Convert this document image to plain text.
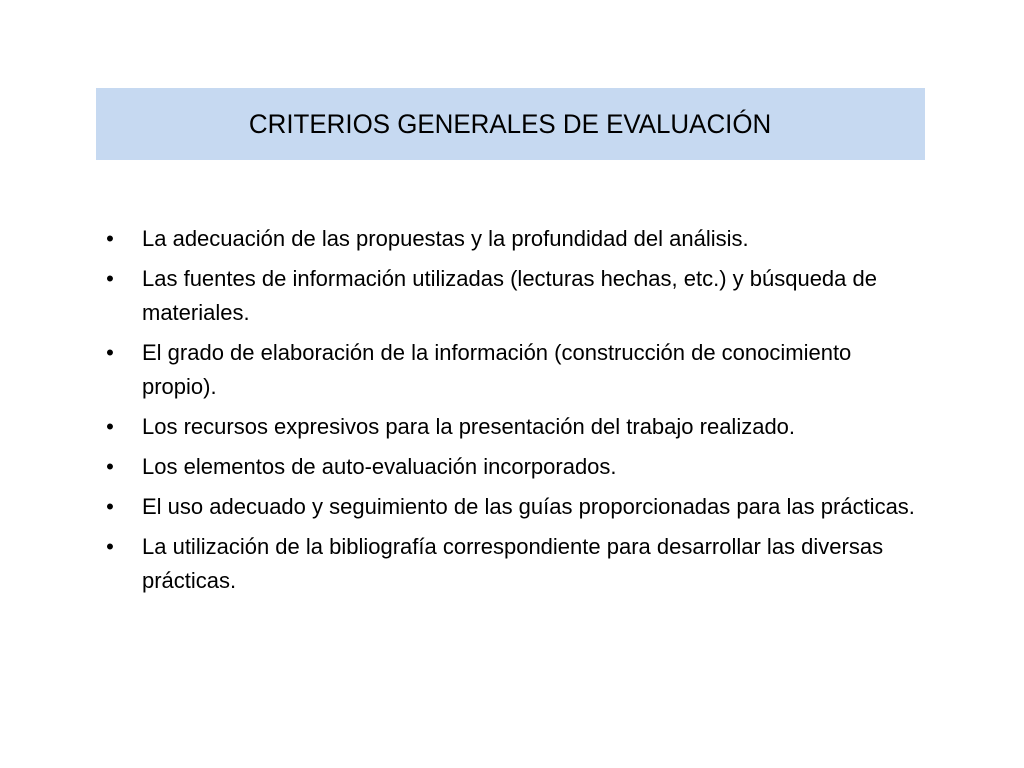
CRITERIOS GENERALES DE EVALUACIÓN
• La adecuación de las propuestas y la profundidad del análisis.
• Las fuentes de información utilizadas (lecturas hechas, etc.) y búsqueda de materiales.
• El grado de elaboración de la información (construcción de conocimiento propio).
• Los recursos expresivos para la presentación del trabajo realizado.
• Los elementos de auto-evaluación incorporados.
• El uso adecuado y seguimiento de las guías proporcionadas para las prácticas.
• La utilización de la bibliografía correspondiente para desarrollar las diversas prácticas.
